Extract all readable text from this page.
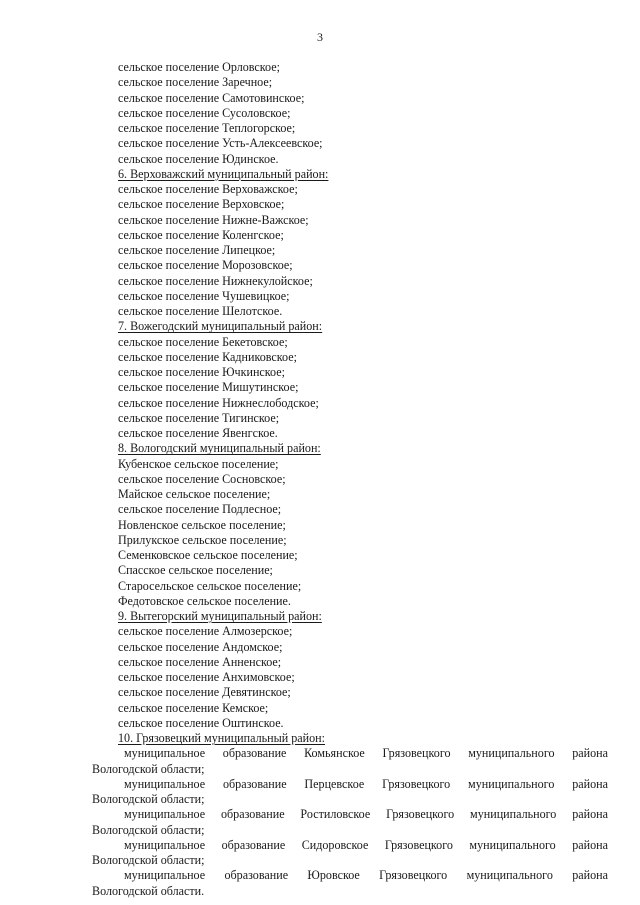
3
сельское поселение Орловское;
сельское поселение Заречное;
сельское поселение Самотовинское;
сельское поселение Сусоловское;
сельское поселение Теплогорское;
сельское поселение Усть-Алексеевское;
сельское поселение Юдинское.
6. Верховажский муниципальный район:
сельское поселение Верховажское;
сельское поселение Верховское;
сельское поселение Нижне-Важское;
сельское поселение Коленгское;
сельское поселение Липецкое;
сельское поселение Морозовское;
сельское поселение Нижнекулойское;
сельское поселение Чушевицкое;
сельское поселение Шелотское.
7. Вожегодский муниципальный район:
сельское поселение Бекетовское;
сельское поселение Кадниковское;
сельское поселение Ючкинское;
сельское поселение Мишутинское;
сельское поселение Нижнеслободское;
сельское поселение Тигинское;
сельское поселение Явенгское.
8. Вологодский муниципальный район:
Кубенское сельское поселение;
сельское поселение Сосновское;
Майское сельское поселение;
сельское поселение Подлесное;
Новленское сельское поселение;
Прилукское сельское поселение;
Семенковское сельское поселение;
Спасское сельское поселение;
Старосельское сельское поселение;
Федотовское сельское поселение.
9. Вытегорский муниципальный район:
сельское поселение Алмозерское;
сельское поселение Андомское;
сельское поселение Анненское;
сельское поселение Анхимовское;
сельское поселение Девятинское;
сельское поселение Кемское;
сельское поселение Оштинское.
10. Грязовецкий муниципальный район:
муниципальное образование Комьянское Грязовецкого муниципального района
Вологодской области;
муниципальное образование Перцевское Грязовецкого муниципального района
Вологодской области;
муниципальное образование Ростиловское Грязовецкого муниципального района
Вологодской области;
муниципальное образование Сидоровское Грязовецкого муниципального района
Вологодской области;
муниципальное образование Юровское Грязовецкого муниципального района
Вологодской области.
